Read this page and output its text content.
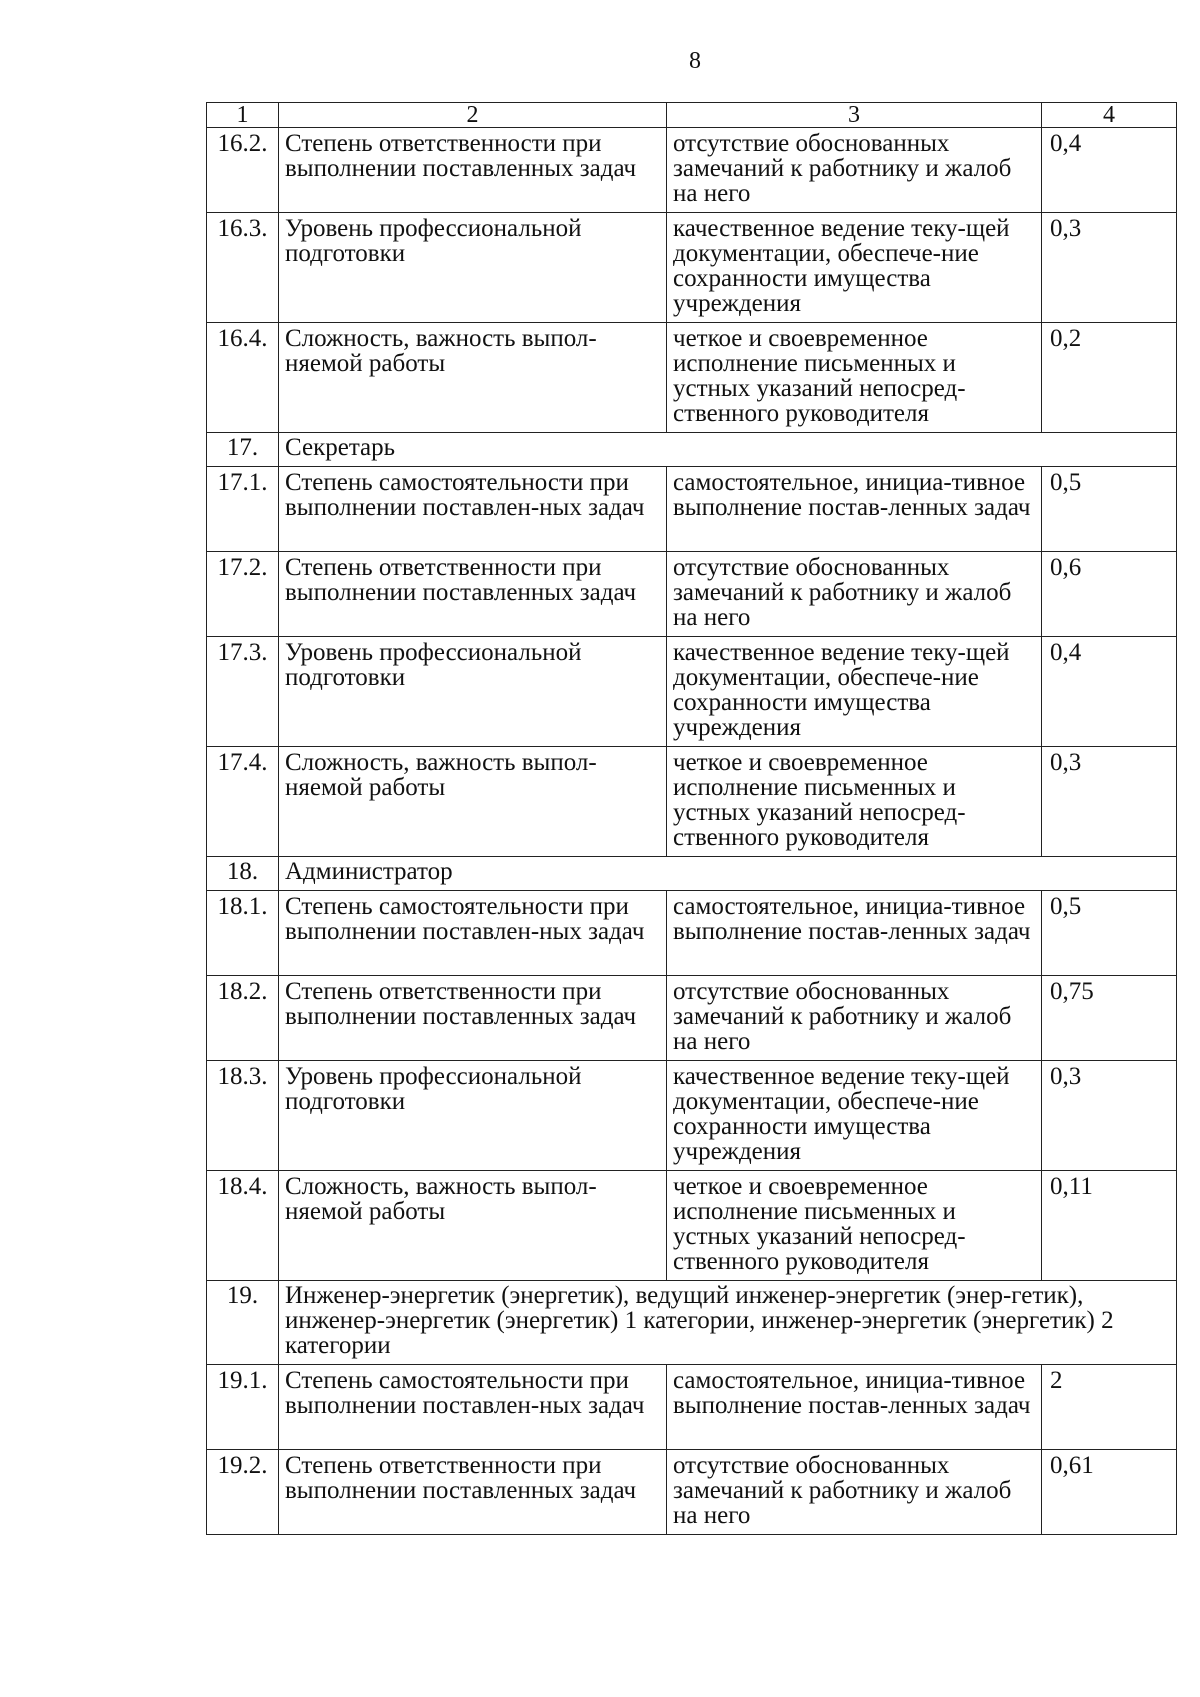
8
1	2	3	4
16.2.	Степень ответственности при выполнении поставленных задач	отсутствие обоснованных замечаний к работнику и жалоб на него	0,4
16.3.	Уровень профессиональной подготовки	качественное ведение теку-щей документации, обеспече-ние сохранности имущества учреждения	0,3
16.4.	Сложность, важность выпол-няемой работы	четкое и своевременное исполнение письменных и устных указаний непосред-ственного руководителя	0,2
17.	Секретарь		
17.1.	Степень самостоятельности при выполнении поставлен-ных задач	самостоятельное, инициа-тивное выполнение постав-ленных задач	0,5
17.2.	Степень ответственности при выполнении поставленных задач	отсутствие обоснованных замечаний к работнику и жалоб на него	0,6
17.3.	Уровень профессиональной подготовки	качественное ведение теку-щей документации, обеспече-ние сохранности имущества учреждения	0,4
17.4.	Сложность, важность выпол-няемой работы	четкое и своевременное исполнение письменных и устных указаний непосред-ственного руководителя	0,3
18.	Администратор		
18.1.	Степень самостоятельности при выполнении поставлен-ных задач	самостоятельное, инициа-тивное выполнение постав-ленных задач	0,5
18.2.	Степень ответственности при выполнении поставленных задач	отсутствие обоснованных замечаний к работнику и жалоб на него	0,75
18.3.	Уровень профессиональной подготовки	качественное ведение теку-щей документации, обеспече-ние сохранности имущества учреждения	0,3
18.4.	Сложность, важность выпол-няемой работы	четкое и своевременное исполнение письменных и устных указаний непосред-ственного руководителя	0,11
19.	Инженер-энергетик (энергетик), ведущий инженер-энергетик (энер-гетик), инженер-энергетик (энергетик) 1 категории, инженер-энергетик (энергетик) 2 категории		
19.1.	Степень самостоятельности при выполнении поставлен-ных задач	самостоятельное, инициа-тивное выполнение постав-ленных задач	2
19.2.	Степень ответственности при выполнении поставленных задач	отсутствие обоснованных замечаний к работнику и жалоб на него	0,61
